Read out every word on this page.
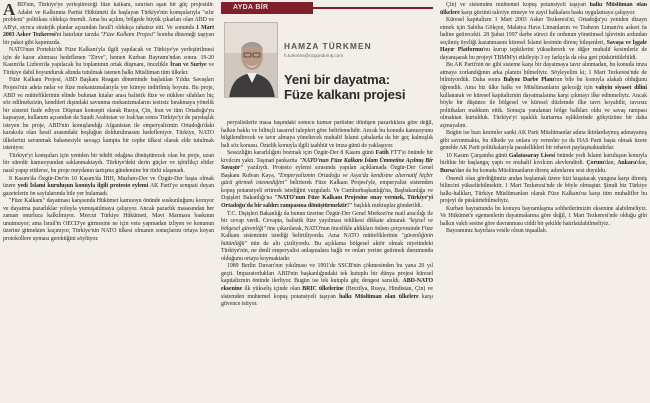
ABD'nin, Türkiye'ye yerleştireceği füze kalkanı, sınırları aşan bir güç projesidir. Adalet ve Kalkınma Partisi Hükümeti ile başlayan Türkiye'nin komşularıyla "sıfır problem" politikası oldukça önemli. Ama bu açılım, bölgede büyük çıkarları olan ABD ve AB'yi, ayrıca stratejik planlar açısından İsrail'i oldukça rahatsız etti. Ve sonunda 1 Mart 2003 Asker Tezkeresi'ni hatırlatır tarzda "Füze Kalkanı Projesi" bomba düzeneği taşıyan bir paket gibi kapımızda.

NATO'nun Portekiz'de Füze Kalkanı'yla ilgili yapılacak ve Türkiye'ye yerleştirilmesi için de karar alınması hedeflenen "Zirve", hemen Kurban Bayramı'ndan sonra. 19-20 Kasım'da Lizbon'da yapılacak bu toplantının ortak düşmanı, öncelikle İran ve Suriye ve Türkiye dahil boyunduruk altında tutulmak istenen halkı Müslüman tüm ülkeler.

Füze Kalkanı Projesi, ABD Başkanı Reagan döneminde başlatılan Yıldız Savaşları Projesi'nin adeta radar ve füze mekanizmalarıyla yer küreye indirilmiş boyutu. Bu proje, ABD ve müttefiklerinin elinde bulunan kıtalar arası balistik füze ve nükleer silahları hiç söz edilmeksizin, kendileri dışındaki savunma mekanizmalarını tesirsiz bırakmaya yönelik bir sistemi fiade ediyor. Düşman konsepti olarak Rusya, Çin, İran ve tüm Ortadoğu'yu kapsayan, kullanım açısından da Suudi Arabistan ve Irak'tan sonra Türkiye'yi de paydaşlık isteyen bu proje, ABD'nin konuşlandığı Afganistan ile emperyalizmin Ortadoğu'daki karakolu olan İsrail arasındaki boşluğun doldurulmasını hedefleniyor. Türkiye, NATO ülkelerini savunmak bahanesiyle savaşçı kampta bir cephe ülkesi olarak elde tutulmak isteniyor.

Türkiye'yi komşuları için yeniden bir tehdit odağına dönüştürecek olan bu proje, uzun bir süredir kamuoyundan saklanmaktaydı. Türkiye'deki derin güçler ve işbirlikçi elitler nasıl yapıp ettilerse, bu proje meydanın tartışma gündemine bir türlü ulaşmadı.

8 Kasım'da Özgür-Der'in 10 Kasım'da İHH, Mazlum-Der ve Özgür-Der başta olmak üzere yedi İslami kuruluşun konuyla ilgili protesto eylemi AK Parti'ye sempati duyan gazetelerin ön sayfalarında bile yer bulamadı.

"Füze Kalkanı" dayatması karşısında Hükümet kamuoyu önünde suskunluğunu koruyor ve dayatma pazarlıklar yoluyla yumuşatılmaya çalışıyor. Ancak pazarlık masasından her zaman onurluca kalkılmıyor. Mercut Türkiye Hükümeti, Mavi Marmara baskının unutmuyor; ama İsrail'in OECD'ye girmesine ne için veto yapmadan izliyen ve konunun üzerine gitmekten kaçınıyor, Türkiye'nin NATO ülkesi olmanın sonuçlarını ortaya koyan protokollere uyması gerektiğini söylüyor.

AYDA BİR
HAMZA TÜRKMEN
h.turkmen@ozgunduruş.com
Yeni bir dayatma:
Füze kalkanı projesi

peryalistlerle masa başındaki sonucu kumar partisine dönüşen pazarlıklara göre değil, halkın hakkı ve bilinçli tasarruf talepleri göre belirlemelidir. Ancak bu konuda kamuoyunu bilgilendirecek ve tavır almaya yöneltecek muhalif İslami çabalarda da bir geç kalmışlık hali söz konusu. Öztelik konuyla ilgili taahhüt ve imza günü de yaklaşıyor.

Sessizliğin kararlılığını bozmak için Özgür-Der 8 Kasım günü Fatih FTT'si önünde bir kıvılcım yaktı. Taşınan pankartta "NATO'nun Füze Kalkanı İslam Ümmetine Açılmış Bir Savaştır" yazılıydı. Protesto eylemi sırasında yapılan açıklamada Özgür-Der Genel Başkanı Rıdvan Kaya, "Emperyalizmin Ortadoğu ve Asya'da kendisine alternatif hiçbir gücü görmek istemediğini" belirterek Füze Kalkanı Projesi'yle, emperyalist sistemden kopuş potansiyeli eritmek istediğini vurguladı. Ve Cumhurbaşkanlığı'na, Başbakanlığa ve Dışişleri Bakanlığı'na "NATO'nun Füze Kalkanı Projesine onay vermek, Türkiye'yi Ortadoğu'da bir saldırı rampasına dönüştürmektir!" başlıklı mektuplar gönderildi.

T.C. Dışişleri Bakanlığı da bunun üzerine Özgür-Der Genel Merkezi'ne mail aracılığı ile bir cevap verdi. Cevapta, balistik füze yayılması tehlikesi dikkate alınarak "kişisel ve bölgesel güvenliği" öne çıkarılarak, NATO'nun öncelikle aldıkları önlem çerçevesinde Füze Kalkanı sisteminin istediği belirtiliyordu. Ama NATO müttefiklerinin "güvenliğinin bütünlüğü" nün de altı çiziliyordu. Bu açıklama bölgesel aktör olmak niyetindeki Türkiye'nin, ne denli emperyalist anlaşmalara bağlı ve onları yerine getirmek durumunda olduğunu ortaya koymaktadır.

1989 Berlin Duvarı'nın yıkılması ve 1991'de SSCB'nin çökmesinden bu yana 20 yıl geçti. İmparatorlukları ABD'nin başkanlığındaki tek kutuplu bir dünya projesi küresel kapitalizmin önünde ilerliyor. Bugün ise tek kutuplu güç dengesi sarsıldı. ABD-NATO eksenine ilk yükseliş içinde olan BRIC ülkelerine (Brezilya, Rusya, Hindistan, Çin) ve sistemden muhtemel kopuş potansiyeli taşıyan halkı Müslüman olan ülkelere karşı güvence istiyor.

Çin) ve sistemden muhtemel kopuş potansiyeli taşıyan halkı Müslüman olan ülkelere karşı gücünü takviye etmeye ve zayıf halkalara baskı uygulamaya çalışıyor.

Küresel kapitalizm 1 Mart 2003 Asker Tezkeresi'ni, Ortadoğu'yu yeniden dizayn etmek için Sabiha Gökçen, Malatya Hava Limanlarını ve Trabzon Limanı'nı askeri üs haline getirecekti. 28 Şubat 1997 darbe süreci ile ordunun yönetimsel işlevinin ardından seçilmiş üyeliği kazanmasını küresel İslami kesimin direnç bileşenleri, Savaşa ve İşgale Hayır Platformu'nu kurup tepkilerini yükseltererk ve diğer muhalif kesimlerle de dayanışarak bu projeyi TBMM'yi etkileyip 3 oy farkıyla da olsa geri püskürttülebildi.

Bu AK Parti'nin ne gibi sisteme karşı bir dayatmaya tavır alınmadan, bu konuda imza atmaya zorlandığının arka planını bilmeliyiz. Söyleyelim ki; 1 Mart Tezkeresi'nde de bilmiyordük. Daha sonra Balyoz Darbe Planı'nın bile bu konuyla alakalı olduğunu öğrendik. Ama biz ülke halkı ve Müslümanların geleceği için vahyin siyaset dilini kullanarak ve küresel kapitalizmin dayatmalarına karşı çıkmayı ilke edinmeliyiz. Ancak böyle bir düşünce ile bölgesel ve küresel düzlemde ilke tavrı koyabilir, tavırsız politikaları mahkum ettik. Sonuçta yaralanan bölge halkları oldu ve savaş rampası olmaktan kurtulduk. Türkiye'yi uşaklık kurtarma eşliklerinde gökyüzüne bir daha açmayalım.

Bugün ise bazı kesimler sanki AK Parti Müslümanlar adına iktidardaymış adınayamış gibi savunmakta, bu ülkede ya onlara oy verenler ya da HAS Parti başta olmak üzere genelde AK Parti politikalarıyla paralellikleri bir rehavet paylaşmaktadırlar.

10 Kasım Çarşamba günü Galatasaray Lisesi önünde yedi İslami kuruluşun konuyla birlikte bir başlangıç yaptı ve muhalif kıvılcım alevlendirdi. Çorum'dan, Ankara'dan, Bursa'dan da bu konuda Müslümanların direnç adımlarını sesi duyuldu.

Önemli olan gördüğümüz andan başlamak üzere bizi kuşatacak yangına karşı direniş bilincini yükseltebilmektir. 1 Mart Tezkeresi'nde de böyle olmuştur. Şimdi biz Türkiye halkı-halkları, Türkiye Müslümanları olarak Füze Kalkanı'na karşı tüm muhalifler bu projeyi de püskürtebilmeliyiz.

Kurban bayramında bu konuyu bayramlaşma sohbetlerimizin eksenine alabilmeliyiz. Ve Hükümet'e egemenlerin dayatmalarına göre değil, 1 Mart Tezkeresi'nde olduğu gibi halkın vakfı sesine göre davranması ciddi bir şekilde hatırlatılabilmeliyiz.

Bayramınız hayırlara vesile olsun inşaallah.
